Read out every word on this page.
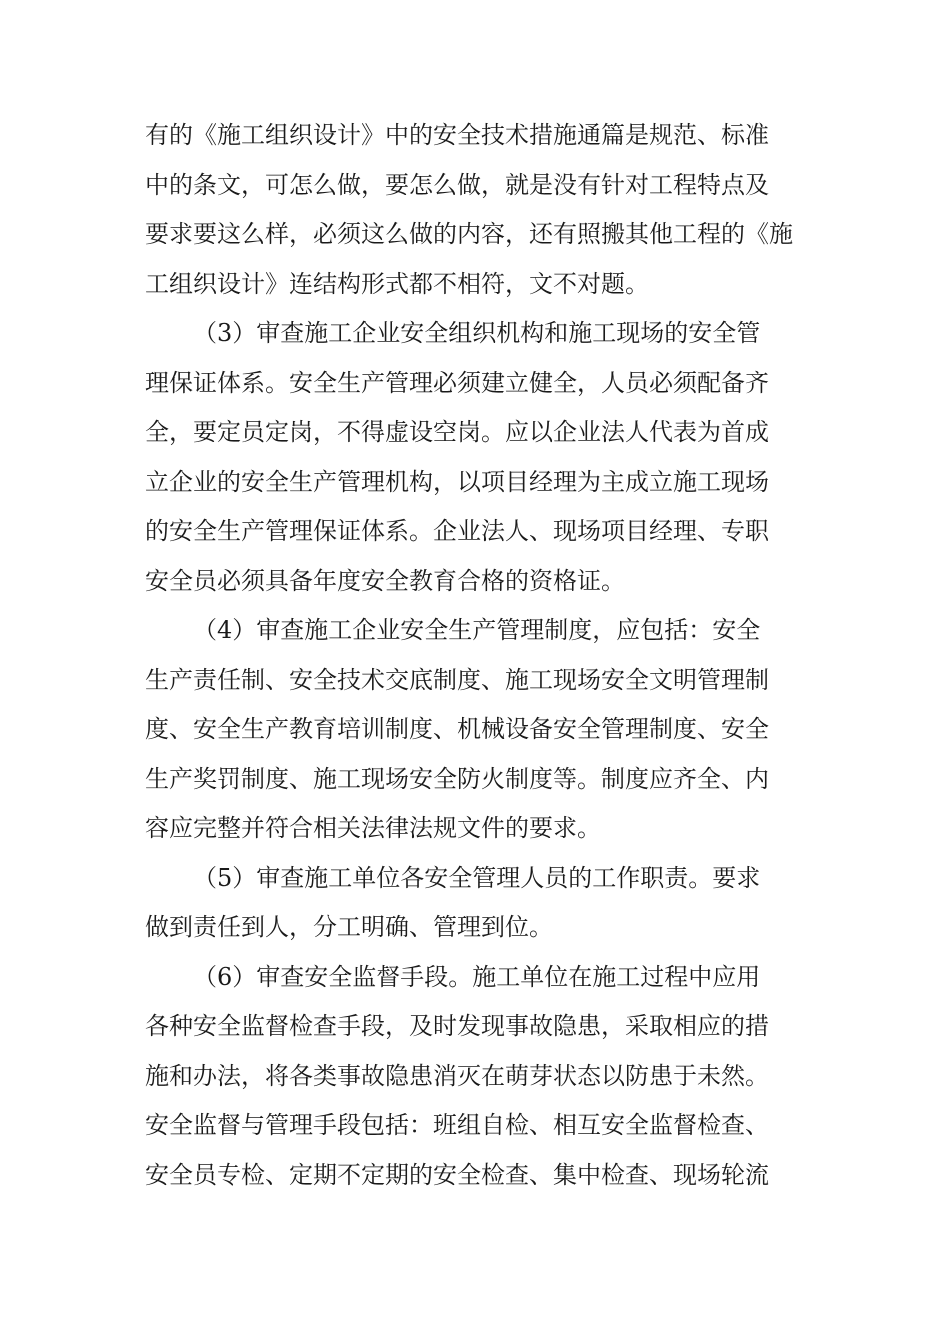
有的《施工组织设计》中的安全技术措施通篇是规范、标准
中的条文，可怎么做，要怎么做，就是没有针对工程特点及
要求要这么样，必须这么做的内容，还有照搬其他工程的《施
工组织设计》连结构形式都不相符，文不对题。
（3）审查施工企业安全组织机构和施工现场的安全管
理保证体系。安全生产管理必须建立健全，人员必须配备齐
全，要定员定岗，不得虚设空岗。应以企业法人代表为首成
立企业的安全生产管理机构，以项目经理为主成立施工现场
的安全生产管理保证体系。企业法人、现场项目经理、专职
安全员必须具备年度安全教育合格的资格证。
（4）审查施工企业安全生产管理制度，应包括：安全
生产责任制、安全技术交底制度、施工现场安全文明管理制
度、安全生产教育培训制度、机械设备安全管理制度、安全
生产奖罚制度、施工现场安全防火制度等。制度应齐全、内
容应完整并符合相关法律法规文件的要求。
（5）审查施工单位各安全管理人员的工作职责。要求
做到责任到人，分工明确、管理到位。
（6）审查安全监督手段。施工单位在施工过程中应用
各种安全监督检查手段，及时发现事故隐患，采取相应的措
施和办法，将各类事故隐患消灭在萌芽状态以防患于未然。
安全监督与管理手段包括：班组自检、相互安全监督检查、
安全员专检、定期不定期的安全检查、集中检查、现场轮流
